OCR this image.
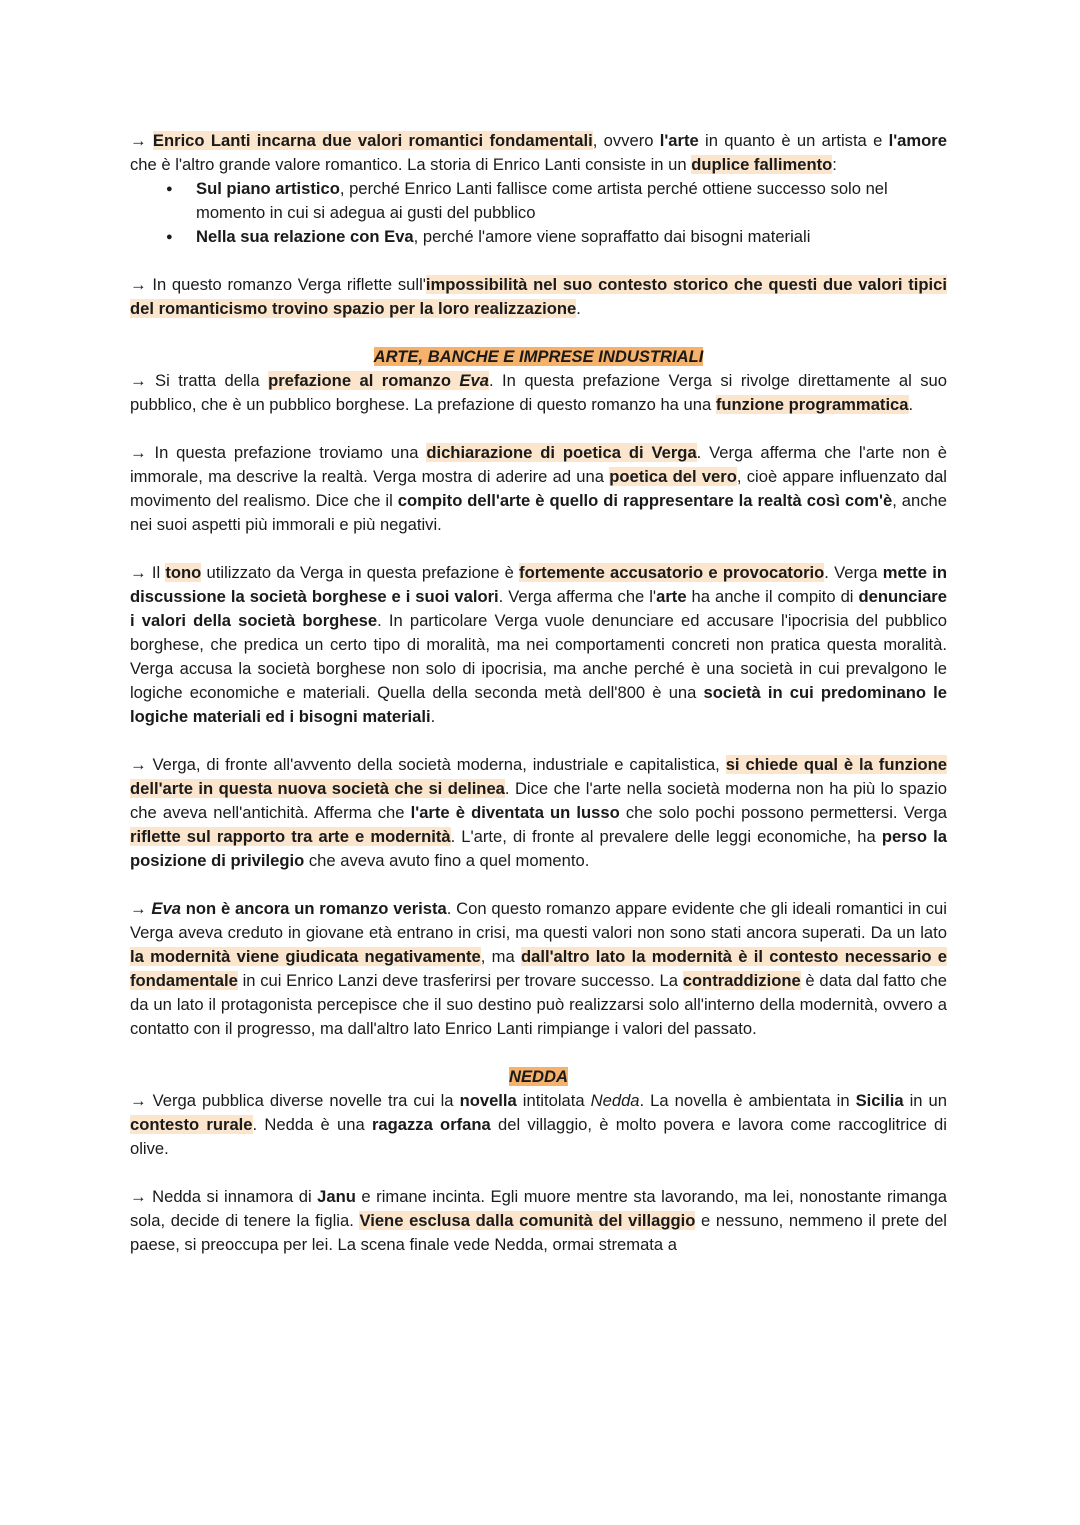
→ Enrico Lanti incarna due valori romantici fondamentali, ovvero l'arte in quanto è un artista e l'amore che è l'altro grande valore romantico. La storia di Enrico Lanti consiste in un duplice fallimento:

● Sul piano artistico, perché Enrico Lanti fallisce come artista perché ottiene successo solo nel momento in cui si adegua ai gusti del pubblico
● Nella sua relazione con Eva, perché l'amore viene sopraffatto dai bisogni materiali

→ In questo romanzo Verga riflette sull'impossibilità nel suo contesto storico che questi due valori tipici del romanticismo trovino spazio per la loro realizzazione.

ARTE, BANCHE E IMPRESE INDUSTRIALI

→ Si tratta della prefazione al romanzo Eva. In questa prefazione Verga si rivolge direttamente al suo pubblico, che è un pubblico borghese. La prefazione di questo romanzo ha una funzione programmatica.

→ In questa prefazione troviamo una dichiarazione di poetica di Verga. Verga afferma che l'arte non è immorale, ma descrive la realtà. Verga mostra di aderire ad una poetica del vero, cioè appare influenzato dal movimento del realismo. Dice che il compito dell'arte è quello di rappresentare la realtà così com'è, anche nei suoi aspetti più immorali e più negativi.

→ Il tono utilizzato da Verga in questa prefazione è fortemente accusatorio e provocatorio. Verga mette in discussione la società borghese e i suoi valori. Verga afferma che l'arte ha anche il compito di denunciare i valori della società borghese. In particolare Verga vuole denunciare ed accusare l'ipocrisia del pubblico borghese, che predica un certo tipo di moralità, ma nei comportamenti concreti non pratica questa moralità. Verga accusa la società borghese non solo di ipocrisia, ma anche perché è una società in cui prevalgono le logiche economiche e materiali. Quella della seconda metà dell'800 è una società in cui predominano le logiche materiali ed i bisogni materiali.

→ Verga, di fronte all'avvento della società moderna, industriale e capitalistica, si chiede qual è la funzione dell'arte in questa nuova società che si delinea. Dice che l'arte nella società moderna non ha più lo spazio che aveva nell'antichità. Afferma che l'arte è diventata un lusso che solo pochi possono permettersi. Verga riflette sul rapporto tra arte e modernità. L'arte, di fronte al prevalere delle leggi economiche, ha perso la posizione di privilegio che aveva avuto fino a quel momento.

→ Eva non è ancora un romanzo verista. Con questo romanzo appare evidente che gli ideali romantici in cui Verga aveva creduto in giovane età entrano in crisi, ma questi valori non sono stati ancora superati. Da un lato la modernità viene giudicata negativamente, ma dall'altro lato la modernità è il contesto necessario e fondamentale in cui Enrico Lanzi deve trasferirsi per trovare successo. La contraddizione è data dal fatto che da un lato il protagonista percepisce che il suo destino può realizzarsi solo all'interno della modernità, ovvero a contatto con il progresso, ma dall'altro lato Enrico Lanti rimpiange i valori del passato.

NEDDA

→ Verga pubblica diverse novelle tra cui la novella intitolata Nedda. La novella è ambientata in Sicilia in un contesto rurale. Nedda è una ragazza orfana del villaggio, è molto povera e lavora come raccoglitrice di olive.

→ Nedda si innamora di Janu e rimane incinta. Egli muore mentre sta lavorando, ma lei, nonostante rimanga sola, decide di tenere la figlia. Viene esclusa dalla comunità del villaggio e nessuno, nemmeno il prete del paese, si preoccupa per lei. La scena finale vede Nedda, ormai stremata a
